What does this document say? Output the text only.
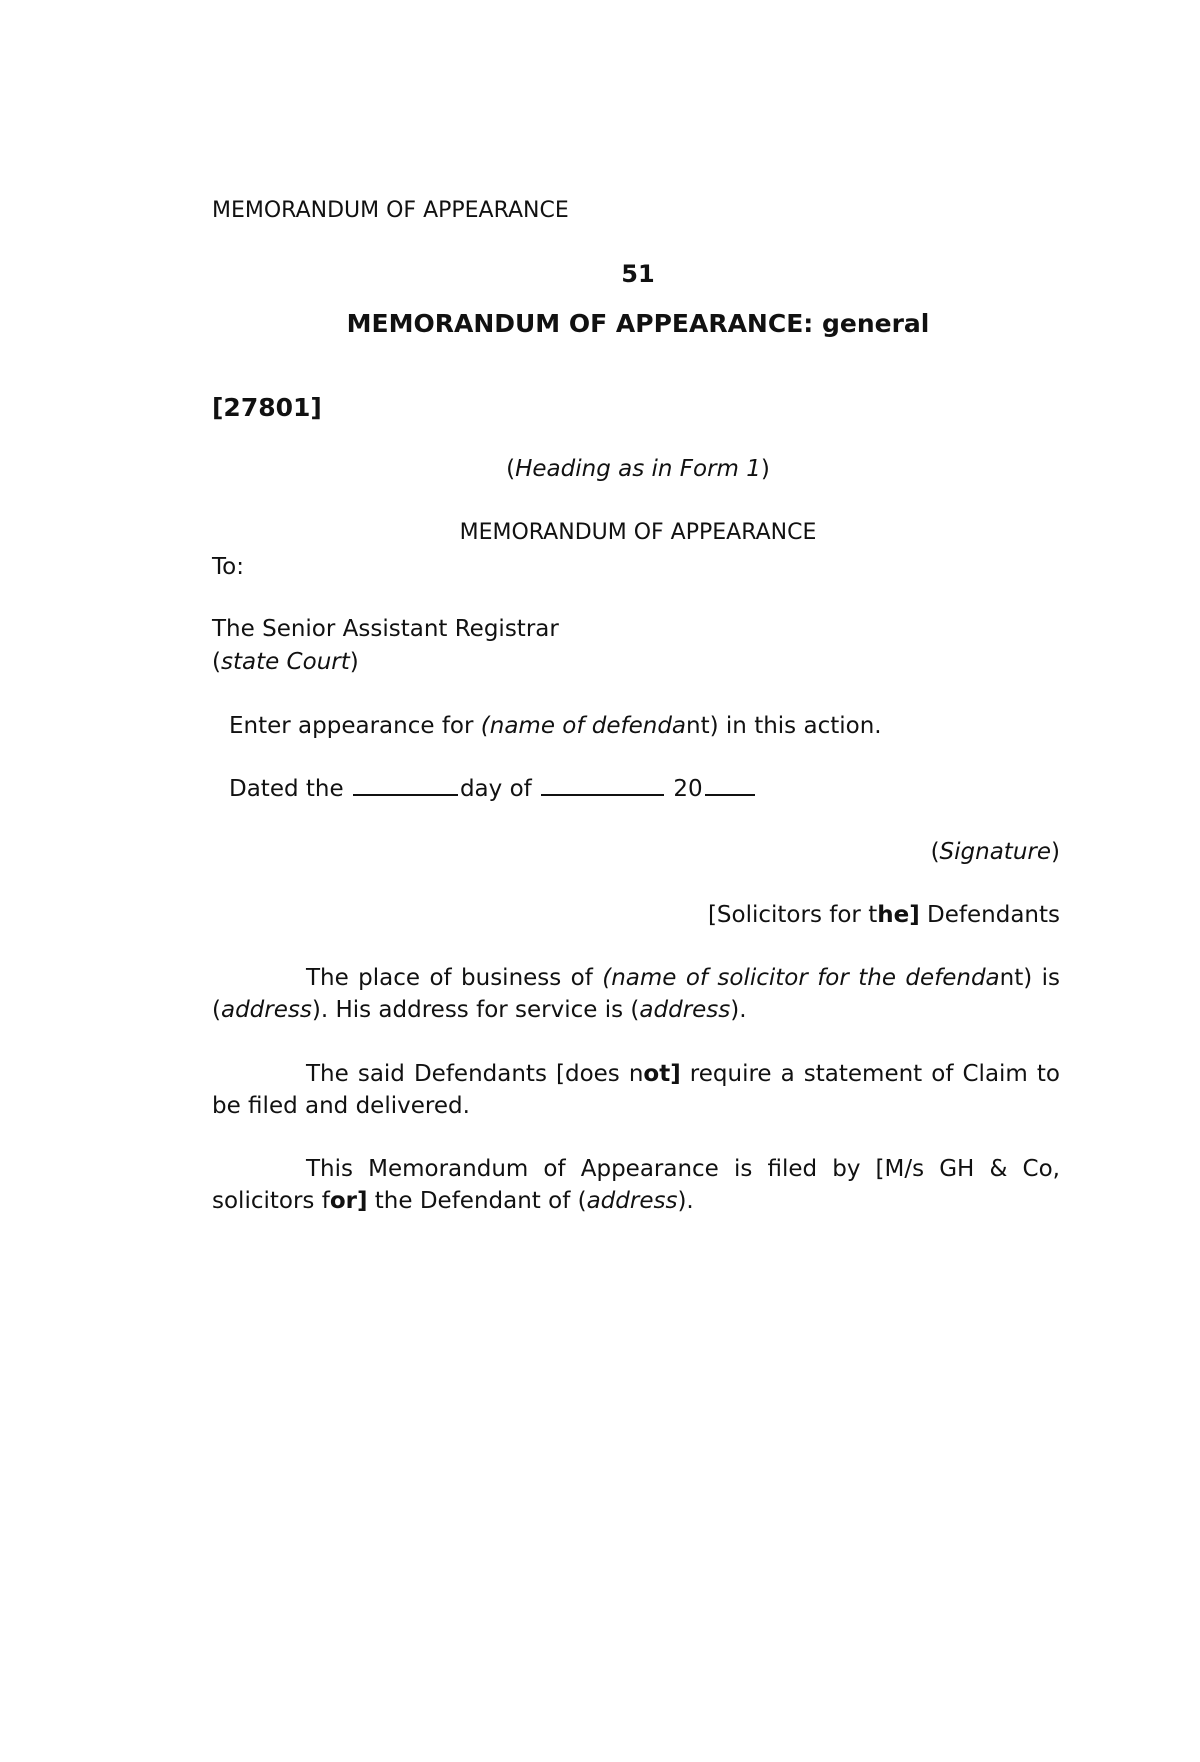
MEMORANDUM OF APPEARANCE
51
MEMORANDUM OF APPEARANCE: general
[27801]
(Heading as in Form 1)
MEMORANDUM OF APPEARANCE
To:
The Senior Assistant Registrar
(state Court)
Enter appearance for (name of defendant) in this action.
Dated the	day of	20
(Signature)
[Solicitors for the] Defendants
The place of business of (name of solicitor for the defendant) is (address). His address for service is (address).
The said Defendants [does not] require a statement of Claim to be filed and delivered.
This Memorandum of Appearance is filed by [M/s GH & Co, solicitors for] the Defendant of (address).
